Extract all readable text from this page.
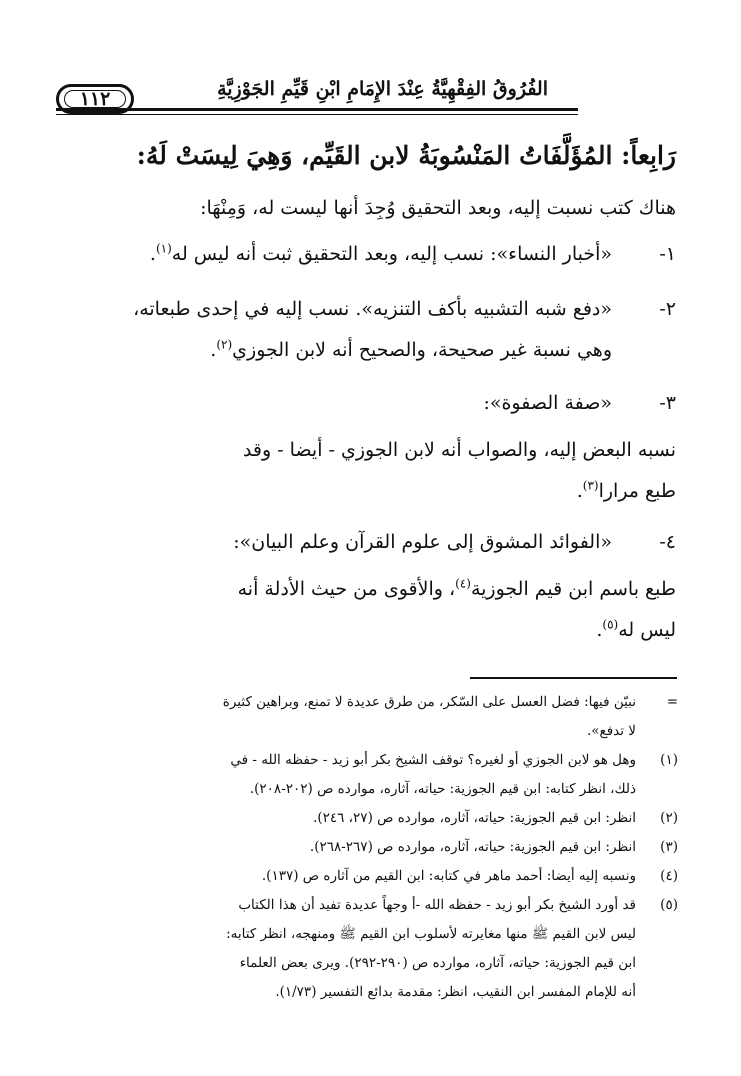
الفُرُوقُ الفِقْهِيَّةُ عِنْدَ الإِمَامِ ابْنِ قَيِّمِ الجَوْزِيَّةِ
١١٢
رَابِعاً: المُؤَلَّفَاتُ المَنْسُوبَةُ لابن القَيِّم، وَهِيَ لِيسَتْ لَهُ:
هناك كتب نسبت إليه، وبعد التحقيق وُجِدَ أنها ليست له، وَمِنْهَا:
١-
«أخبار النساء»: نسب إليه، وبعد التحقيق ثبت أنه ليس له$^{(١)}$.
٢-
«دفع شبه التشبيه بأكف التنزيه». نسب إليه في إحدى طبعاته،
وهي نسبة غير صحيحة، والصحيح أنه لابن الجوزي$^{(٢)}$.
٣-
«صفة الصفوة»:
نسبه البعض إليه، والصواب أنه لابن الجوزي - أيضا - وقد
طبع مرارا$^{(٣)}$.
٤-
«الفوائد المشوق إلى علوم القرآن وعلم البيان»:
طبع باسم ابن قيم الجوزية$^{(٤)}$، والأقوى من حيث الأدلة أنه
ليس له$^{(٥)}$.
=
نبيّن فيها: فضل العسل على السّكر، من طرق عديدة لا تمنع، وبراهين كثيرة
لا تدفع».
(١)
وهل هو لابن الجوزي أو لغيره؟ توقف الشيخ بكر أبو زيد - حفظه الله - في
ذلك، انظر كتابه: ابن قيم الجوزية: حياته، آثاره، موارده ص (٢٠٢-٢٠٨).
(٢)
انظر: ابن قيم الجوزية: حياته، آثاره، موارده ص (٢٧، ٢٤٦).
(٣)
انظر: ابن قيم الجوزية: حياته، آثاره، موارده ص (٢٦٧-٢٦٨).
(٤)
ونسبه إليه أيضا: أحمد ماهر في كتابه: ابن القيم من آثاره ص (١٣٧).
(٥)
قد أورد الشيخ بكر أبو زيد - حفظه الله -أ وجهاً عديدة تفيد أن هذا الكتاب
ليس لابن القيم ﷺ منها مغايرته لأسلوب ابن القيم ﷺ ومنهجه، انظر كتابه:
ابن قيم الجوزية: حياته، آثاره، موارده ص (٢٩٠-٢٩٢). ويرى بعض العلماء
أنه للإمام المفسر ابن النقيب، انظر: مقدمة بدائع التفسير (١/٧٣).
